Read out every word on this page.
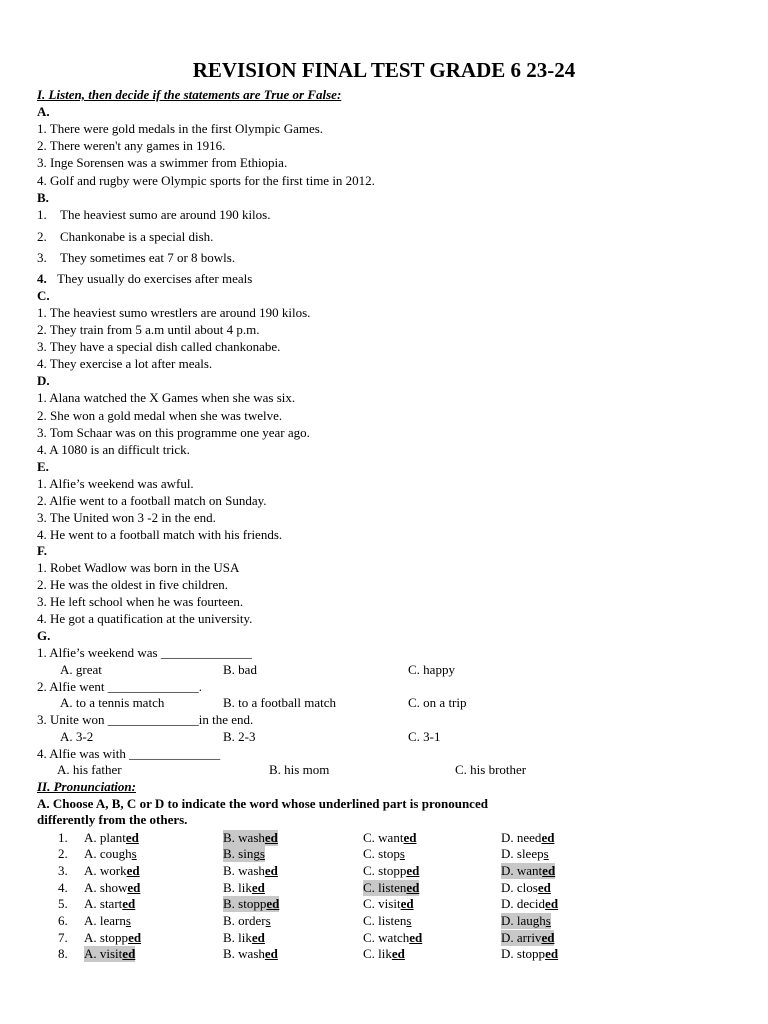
REVISION FINAL TEST GRADE 6 23-24
I. Listen, then decide if the statements are True or False:
A.
1. There were gold medals in the first Olympic Games.
2. There weren't any games in 1916.
3. Inge Sorensen was a swimmer from Ethiopia.
4. Golf and rugby were Olympic sports for the first time in 2012.
B.
1. The heaviest sumo are around 190 kilos.
2. Chankonabe is a special dish.
3. They sometimes eat 7 or 8 bowls.
4. They usually do exercises after meals
C.
1. The heaviest sumo wrestlers are around 190 kilos.
2. They train from 5 a.m until about 4 p.m.
3. They have a special dish called chankonabe.
4. They exercise a lot after meals.
D.
1. Alana watched the X Games when she was six.
2. She won a gold medal when she was twelve.
3. Tom Schaar was on this programme one year ago.
4. A 1080 is an difficult trick.
E.
1. Alfie’s weekend was awful.
2. Alfie went to a football match on Sunday.
3. The United won 3 -2 in the end.
4. He went to a football match with his friends.
F.
1. Robet Wadlow was born in the USA
2. He was the oldest in five children.
3. He left school when he was fourteen.
4. He got a quatification at the university.
G.
1. Alfie’s weekend was ______________
A. great	B. bad	C. happy
2. Alfie went ______________.
A. to a tennis match	B. to a football match	C. on a trip
3. Unite won ______________in the end.
A. 3-2	B. 2-3	C. 3-1
4. Alfie was with ______________
A. his father	B. his mom	C. his brother
II. Pronunciation:
A. Choose A, B, C or D to indicate the word whose underlined part is pronounced
differently from the others.
1. A. planted	B. washed	C. wanted	D. needed
2. A. coughs	B. sings	C. stops	D. sleeps
3. A. worked	B. washed	C. stopped	D. wanted
4. A. showed	B. liked	C. listened	D. closed
5. A. started	B. stopped	C. visited	D. decided
6. A. learns	B. orders	C. listens	D. laughs
7. A. stopped	B. liked	C. watched	D. arrived
8. A. visited	B. washed	C. liked	D. stopped
